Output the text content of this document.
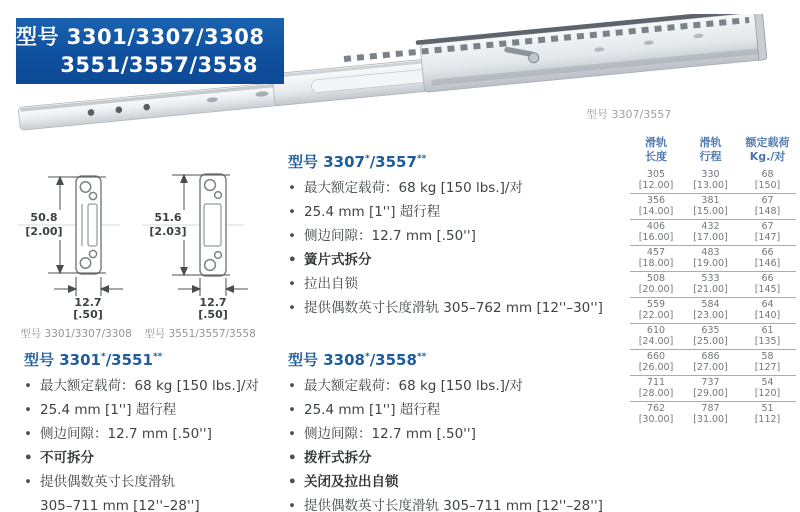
型号 3301/3307/3308
3551/3557/3558
型号 3307/3557
50.8
[2.00]
12.7
[.50]
型号 3301/3307/3308
51.6
[2.03]
12.7
[.50]
型号 3551/3557/3558
型号 3307*/3557**
•
最大额定载荷：68 kg [150 lbs.]/对
•
25.4 mm [1''] 超行程
•
侧边间隙：12.7 mm [.50'']
•
簧片式拆分
•
拉出自锁
•
提供偶数英寸长度滑轨 305–762 mm [12''–30'']
型号 3301*/3551**
•
最大额定载荷：68 kg [150 lbs.]/对
•
25.4 mm [1''] 超行程
•
侧边间隙：12.7 mm [.50'']
•
不可拆分
•
提供偶数英寸长度滑轨
305–711 mm [12''–28'']
型号 3308*/3558**
•
最大额定载荷：68 kg [150 lbs.]/对
•
25.4 mm [1''] 超行程
•
侧边间隙：12.7 mm [.50'']
•
拨杆式拆分
•
关闭及拉出自锁
•
提供偶数英寸长度滑轨 305–711 mm [12''–28'']
滑轨
长度
滑轨
行程
额定载荷
Kg./对
305
[12.00]
330
[13.00]
68
[150]
356
[14.00]
381
[15.00]
67
[148]
406
[16.00]
432
[17.00]
67
[147]
457
[18.00]
483
[19.00]
66
[146]
508
[20.00]
533
[21.00]
66
[145]
559
[22.00]
584
[23.00]
64
[140]
610
[24.00]
635
[25.00]
61
[135]
660
[26.00]
686
[27.00]
58
[127]
711
[28.00]
737
[29.00]
54
[120]
762
[30.00]
787
[31.00]
51
[112]
